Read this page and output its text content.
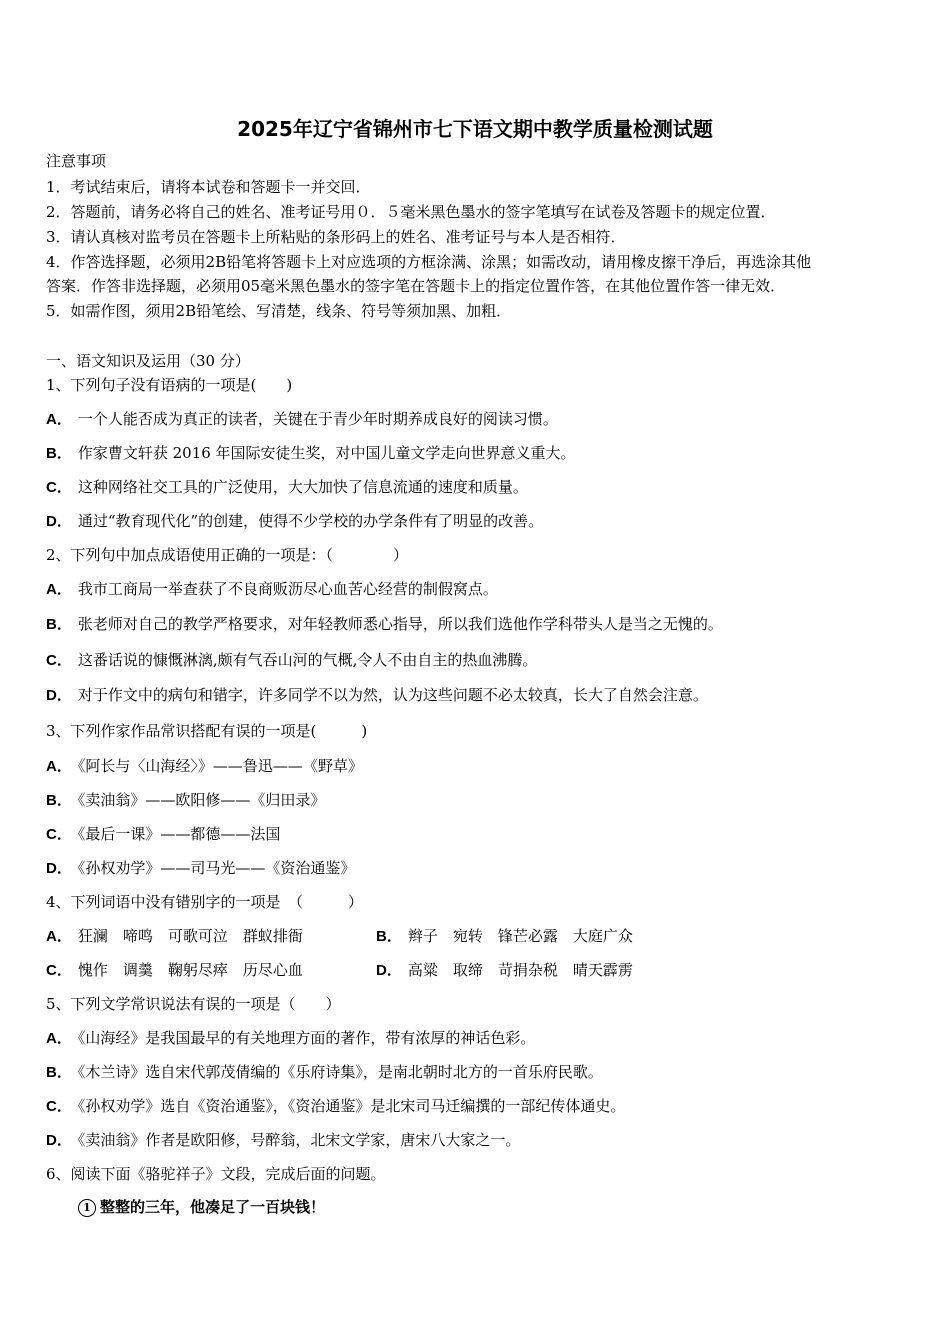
2025年辽宁省锦州市七下语文期中教学质量检测试题
注意事项
1．考试结束后，请将本试卷和答题卡一并交回．
2．答题前，请务必将自己的姓名、准考证号用０．５毫米黑色墨水的签字笔填写在试卷及答题卡的规定位置．
3．请认真核对监考员在答题卡上所粘贴的条形码上的姓名、准考证号与本人是否相符．
4．作答选择题，必须用2B铅笔将答题卡上对应选项的方框涂满、涂黑；如需改动，请用橡皮擦干净后，再选涂其他
答案．作答非选择题，必须用05毫米黑色墨水的签字笔在答题卡上的指定位置作答，在其他位置作答一律无效．
5．如需作图，须用2B铅笔绘、写清楚，线条、符号等须加黑、加粗．
一、语文知识及运用（30 分）
1、下列句子没有语病的一项是(　　)
A． 一个人能否成为真正的读者，关键在于青少年时期养成良好的阅读习惯。
B． 作家曹文轩获 2016 年国际安徒生奖，对中国儿童文学走向世界意义重大。
C． 这种网络社交工具的广泛使用，大大加快了信息流通的速度和质量。
D． 通过“教育现代化”的创建，使得不少学校的办学条件有了明显的改善。
2、下列句中加点成语使用正确的一项是：（　　　　）
A． 我市工商局一举查获了不良商贩沥尽心血苦心经营的制假窝点。
B． 张老师对自己的教学严格要求，对年轻教师悉心指导，所以我们选他作学科带头人是当之无愧的。
C． 这番话说的慷慨淋漓,颇有气吞山河的气概,令人不由自主的热血沸腾。
D． 对于作文中的病句和错字，许多同学不以为然，认为这些问题不必太较真，长大了自然会注意。
3、下列作家作品常识搭配有误的一项是(　　　)
A． 《阿长与〈山海经〉》——鲁迅——《野草》
B． 《卖油翁》——欧阳修——《归田录》
C． 《最后一课》——都德——法国
D． 《孙权劝学》——司马光——《资治通鉴》
4、下列词语中没有错别字的一项是　（　　　）
A． 狂澜　啼鸣　可歌可泣　群蚁排衙	B． 辫子　宛转　锋芒必露　大庭广众
C． 愧作　调羹　鞠躬尽瘁　历尽心血	D． 高粱　取缔　苛捐杂税　晴天霹雳
5、下列文学常识说法有误的一项是（　　）
A． 《山海经》是我国最早的有关地理方面的著作，带有浓厚的神话色彩。
B． 《木兰诗》选自宋代郭茂倩编的《乐府诗集》，是南北朝时北方的一首乐府民歌。
C． 《孙权劝学》选自《资治通鉴》，《资治通鉴》是北宋司马迁编撰的一部纪传体通史。
D． 《卖油翁》作者是欧阳修，号醉翁，北宋文学家，唐宋八大家之一。
6、阅读下面《骆驼祥子》文段，完成后面的问题。
1 整整的三年，他凑足了一百块钱！
